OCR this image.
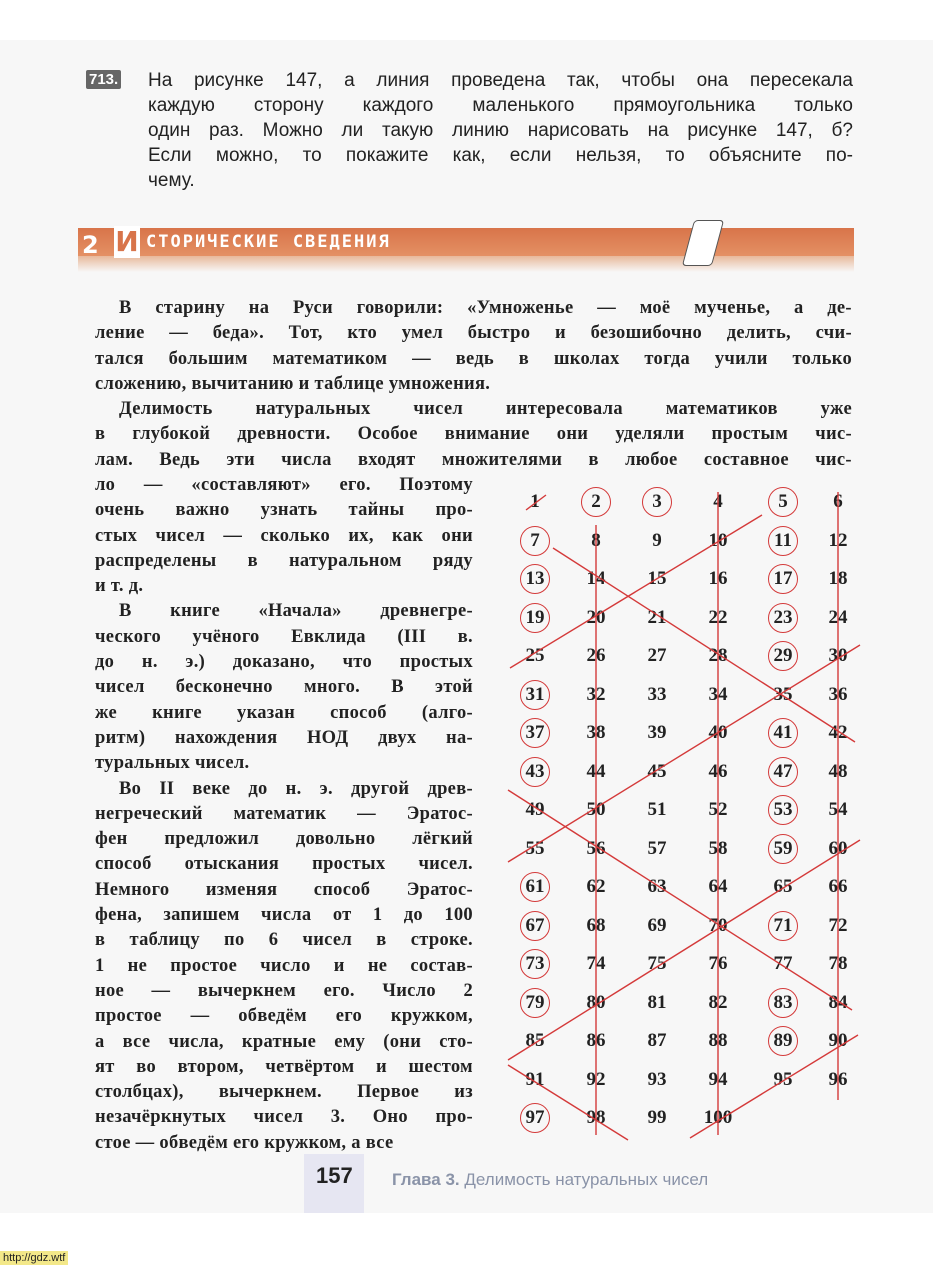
713. На рисунке 147, а линия проведена так, чтобы она пересекала
каждую сторону каждого маленького прямоугольника только
один раз. Можно ли такую линию нарисовать на рисунке 147, б?
Если можно, то покажите как, если нельзя, то объясните по-
чему.
2 И СТОРИЧЕСКИЕ СВЕДЕНИЯ
В старину на Руси говорили: «Умноженье — моё мученье, а де-
ление — беда». Тот, кто умел быстро и безошибочно делить, счи-
тался большим математиком — ведь в школах тогда учили только
сложению, вычитанию и таблице умножения.
Делимость натуральных чисел интересовала математиков уже
в глубокой древности. Особое внимание они уделяли простым чис-
лам. Ведь эти числа входят множителями в любое составное чис-
ло — «составляют» его. Поэтому
очень важно узнать тайны про-
стых чисел — сколько их, как они
распределены в натуральном ряду
и т. д.
В книге «Начала» древнегре-
ческого учёного Евклида (III в.
до н. э.) доказано, что простых
чисел бесконечно много. В этой
же книге указан способ (алго-
ритм) нахождения НОД двух на-
туральных чисел.
Во II веке до н. э. другой древ-
негреческий математик — Эратос-
фен предложил довольно лёгкий
способ отыскания простых чисел.
Немного изменяя способ Эратос-
фена, запишем числа от 1 до 100
в таблицу по 6 чисел в строке.
1 не простое число и не состав-
ное — вычеркнем его. Число 2
простое — обведём его кружком,
а все числа, кратные ему (они сто-
ят во втором, четвёртом и шестом
столбцах), вычеркнем. Первое из
незачёркнутых чисел 3. Оно про-
стое — обведём его кружком, а все
1	2	3	4	5 6
7	8	9 10 11 12
13 14 15 16 17 18
19 20 21 22 23 24
25 26 27 28 29 30
31 32 33 34 35 36
37 38 39 40 41 42
43 44 45 46 47 48
49 50 51 52 53 54
55 56 57 58 59 60
61 62 63 64 65 66
67 68 69 70 71 72
73 74 75 76 77 78
79 80 81 82 83 84
85 86 87 88 89 90
91 92 93 94 95 96
97 98 99 100
157 Глава 3. Делимость натуральных чисел
http://gdz.wtf
